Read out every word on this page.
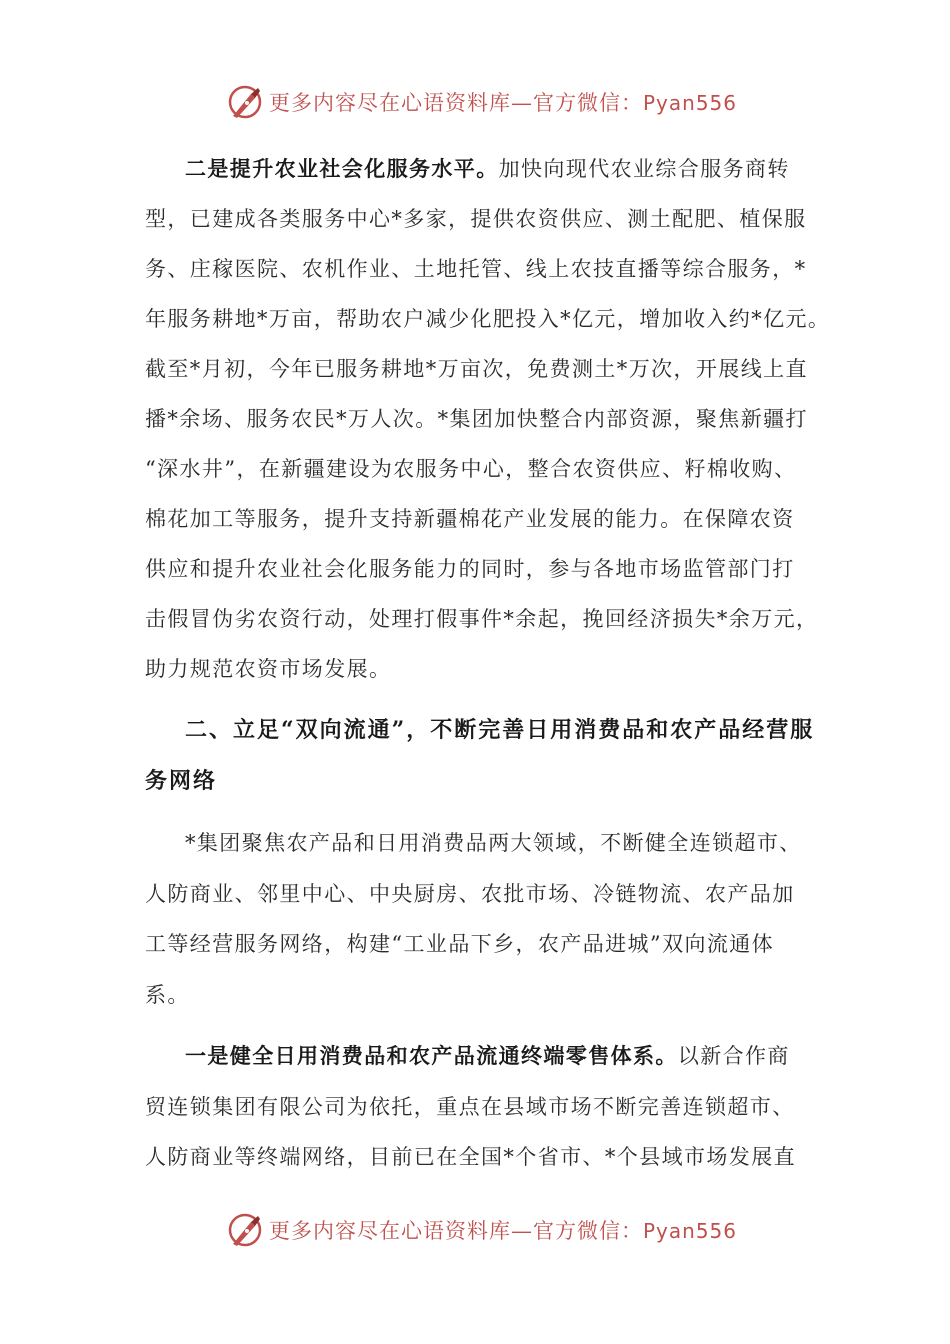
更多内容尽在心语资料库—官方微信：Pyan556
二是提升农业社会化服务水平。加快向现代农业综合服务商转
型，已建成各类服务中心*多家，提供农资供应、测土配肥、植保服
务、庄稼医院、农机作业、土地托管、线上农技直播等综合服务，*
年服务耕地*万亩，帮助农户减少化肥投入*亿元，增加收入约*亿元。
截至*月初，今年已服务耕地*万亩次，免费测土*万次，开展线上直
播*余场、服务农民*万人次。*集团加快整合内部资源，聚焦新疆打
“深水井”，在新疆建设为农服务中心，整合农资供应、籽棉收购、
棉花加工等服务，提升支持新疆棉花产业发展的能力。在保障农资
供应和提升农业社会化服务能力的同时，参与各地市场监管部门打
击假冒伪劣农资行动，处理打假事件*余起，挽回经济损失*余万元，
助力规范农资市场发展。
二、立足“双向流通”，不断完善日用消费品和农产品经营服
务网络
*集团聚焦农产品和日用消费品两大领域，不断健全连锁超市、
人防商业、邻里中心、中央厨房、农批市场、冷链物流、农产品加
工等经营服务网络，构建“工业品下乡，农产品进城”双向流通体
系。
一是健全日用消费品和农产品流通终端零售体系。以新合作商
贸连锁集团有限公司为依托，重点在县域市场不断完善连锁超市、
人防商业等终端网络，目前已在全国*个省市、*个县域市场发展直
更多内容尽在心语资料库—官方微信：Pyan556
